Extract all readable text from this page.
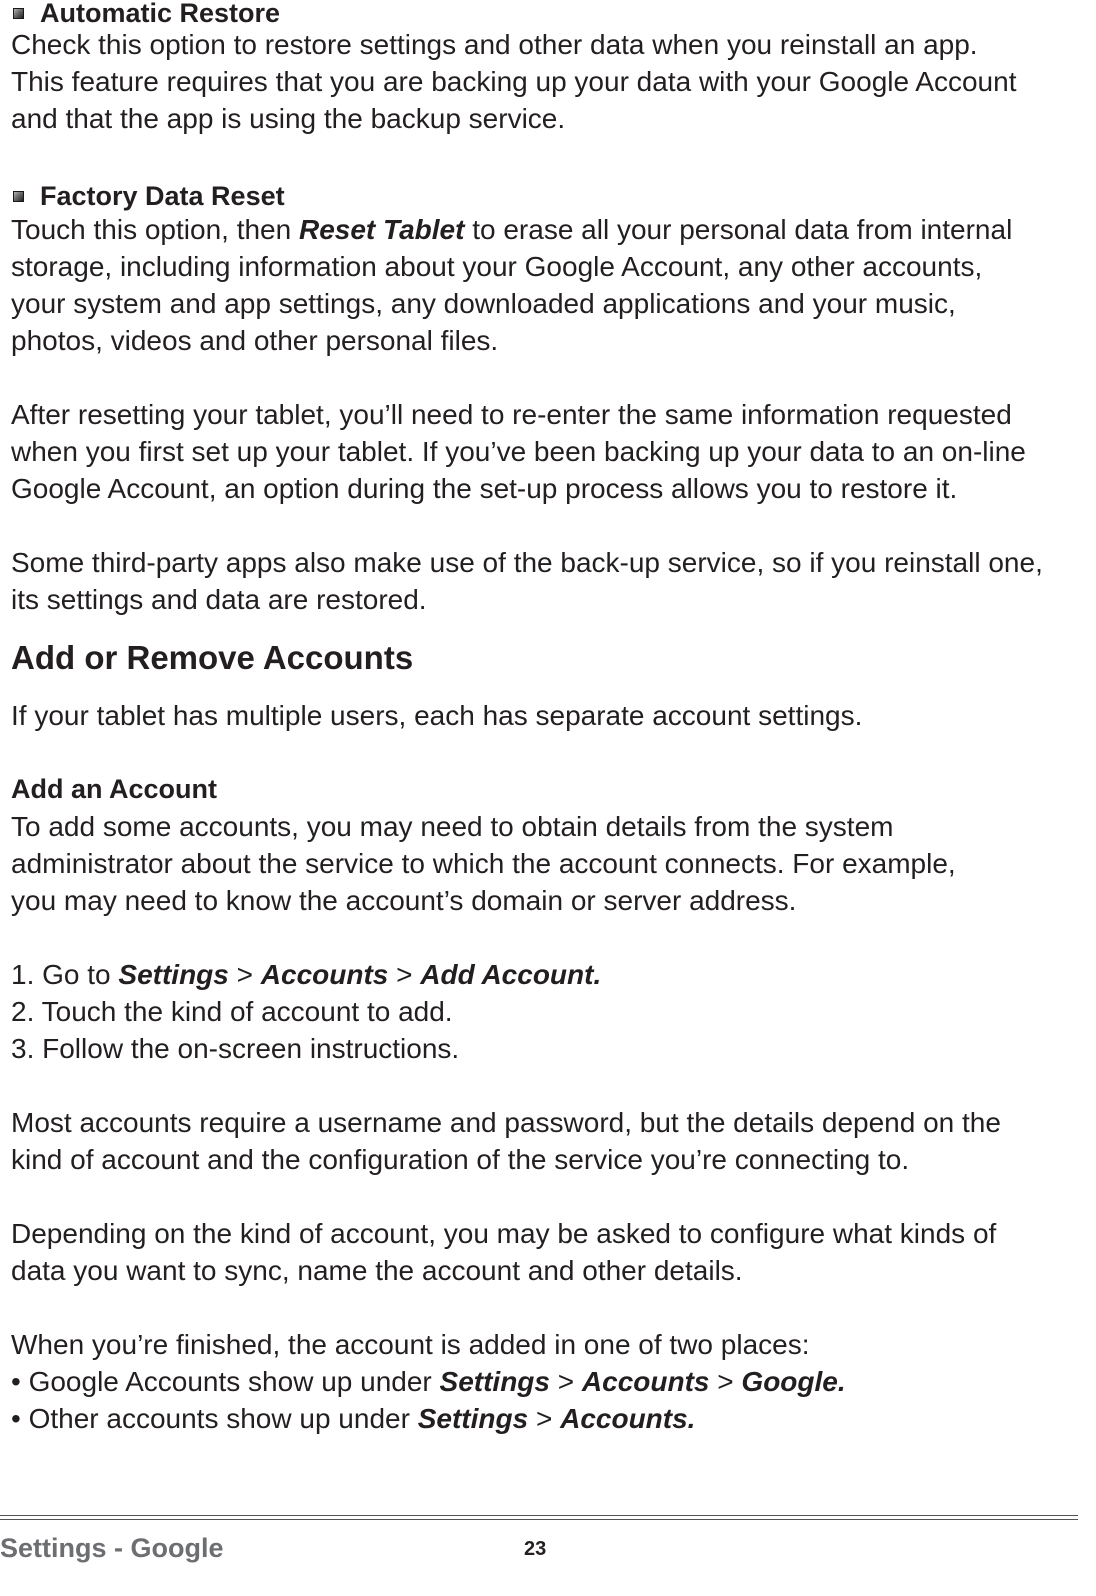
Automatic Restore
Check this option to restore settings and other data when you reinstall an app.
This feature requires that you are backing up your data with your Google Account
and that the app is using the backup service.
Factory Data Reset
Touch this option, then Reset Tablet to erase all your personal data from internal
storage, including information about your Google Account, any other accounts,
your system and app settings, any downloaded applications and your music,
photos, videos and other personal ﬁles.
After resetting your tablet, you’ll need to re-enter the same information requested
when you ﬁrst set up your tablet. If you’ve been backing up your data to an on-line
Google Account, an option during the set-up process allows you to restore it.
Some third-party apps also make use of the back-up service, so if you reinstall one,
its settings and data are restored.
Add or Remove Accounts
If your tablet has multiple users, each has separate account settings.
Add an Account
To add some accounts, you may need to obtain details from the system
administrator about the service to which the account connects. For example,
you may need to know the account’s domain or server address.
1. Go to Settings > Accounts > Add Account.
2. Touch the kind of account to add.
3. Follow the on-screen instructions.
Most accounts require a username and password, but the details depend on the
kind of account and the conﬁguration of the service you’re connecting to.
Depending on the kind of account, you may be asked to conﬁgure what kinds of
data you want to sync, name the account and other details.
When you’re ﬁnished, the account is added in one of two places:
• Google Accounts show up under Settings > Accounts > Google.
• Other accounts show up under Settings > Accounts.
Settings - Google	23
